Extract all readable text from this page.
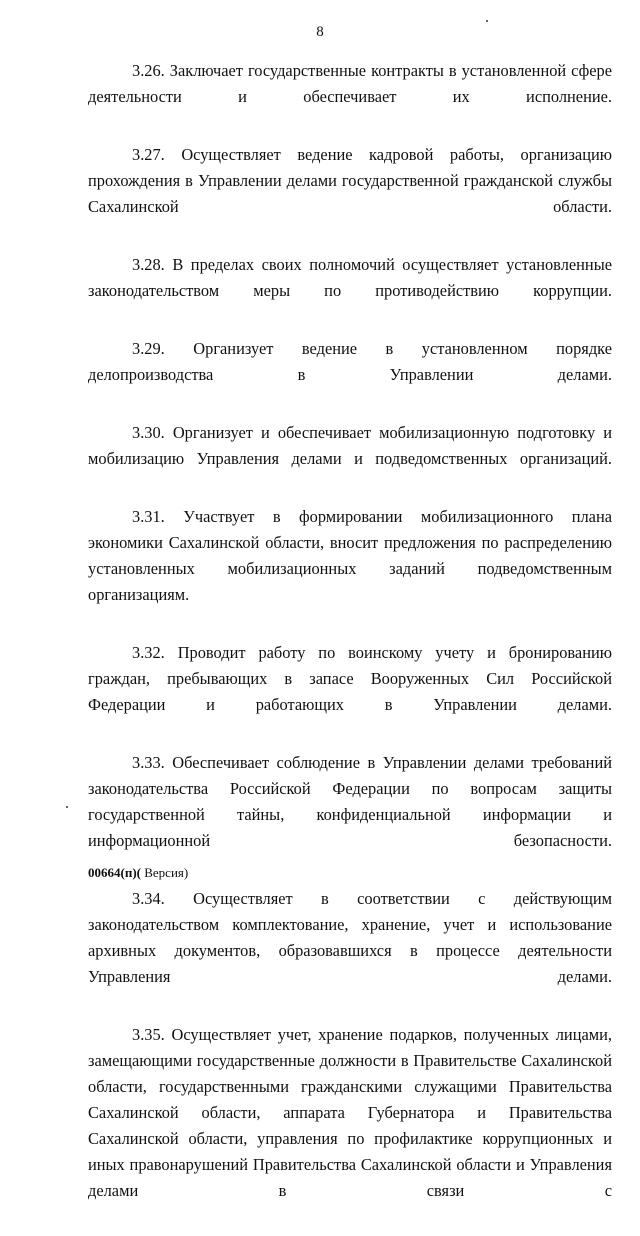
8

3.26. Заключает государственные контракты в установленной сфере деятельности и обеспечивает их исполнение.

3.27. Осуществляет ведение кадровой работы, организацию прохождения в Управлении делами государственной гражданской службы Сахалинской области.

3.28. В пределах своих полномочий осуществляет установленные законодательством меры по противодействию коррупции.

3.29. Организует ведение в установленном порядке делопроизводства в Управлении делами.

3.30. Организует и обеспечивает мобилизационную подготовку и мобилизацию Управления делами и подведомственных организаций.

3.31. Участвует в формировании мобилизационного плана экономики Сахалинской области, вносит предложения по распределению установленных мобилизационных заданий подведомственным организациям.

3.32. Проводит работу по воинскому учету и бронированию граждан, пребывающих в запасе Вооруженных Сил Российской Федерации и работающих в Управлении делами.

3.33. Обеспечивает соблюдение в Управлении делами требований законодательства Российской Федерации по вопросам защиты государственной тайны, конфиденциальной информации и информационной безопасности.

3.34. Осуществляет в соответствии с действующим законодательством комплектование, хранение, учет и использование архивных документов, образовавшихся в процессе деятельности Управления делами.

3.35. Осуществляет учет, хранение подарков, полученных лицами, замещающими государственные должности в Правительстве Сахалинской области, государственными гражданскими служащими Правительства Сахалинской области, аппарата Губернатора и Правительства Сахалинской области, управления по профилактике коррупционных и иных правонарушений Правительства Сахалинской области и Управления делами в связи с

00664(п)( Версия)
